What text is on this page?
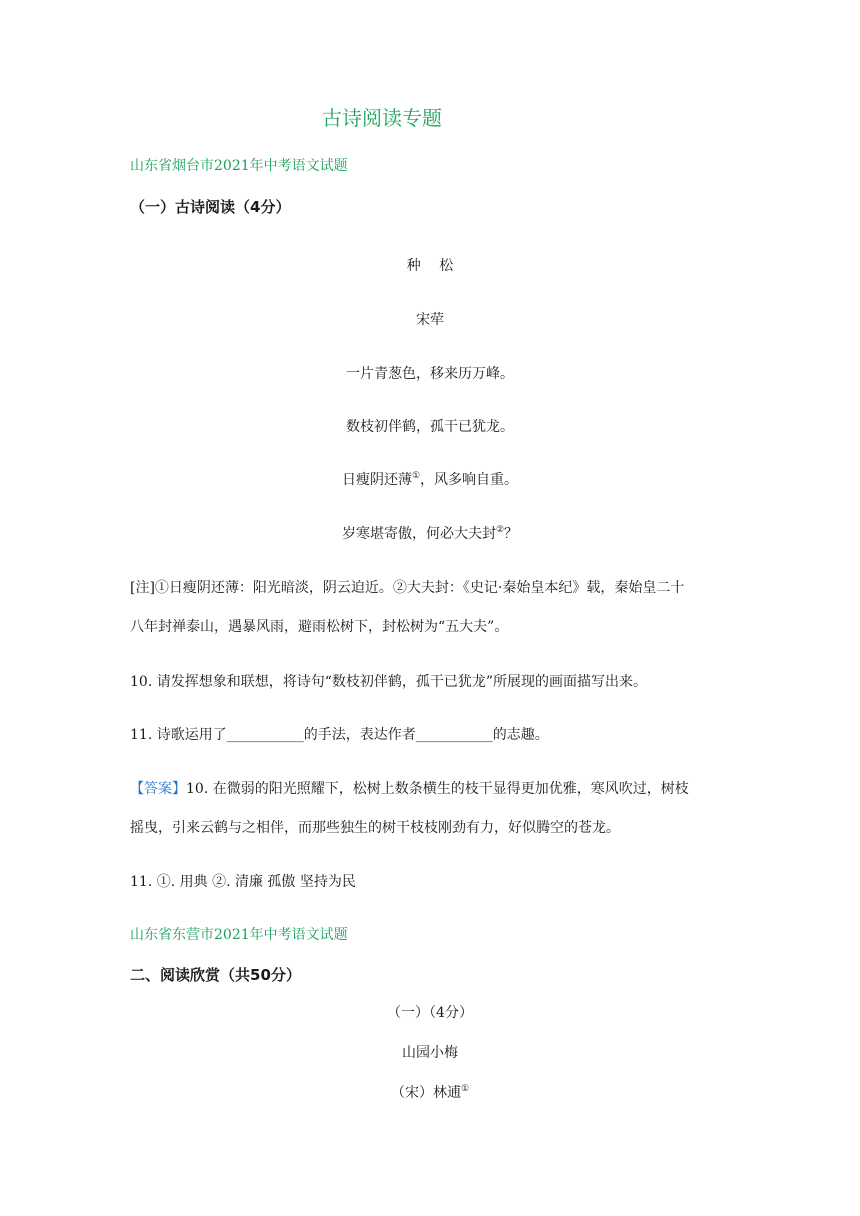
古诗阅读专题
山东省烟台市2021年中考语文试题
（一）古诗阅读（4分）
种　 松
宋荦
一片青葱色，移来历万峰。
数枝初伴鹤，孤干已犹龙。
日瘦阴还薄①，风多响自重。
岁寒堪寄傲，何必大夫封②？
[注]①日瘦阴还薄：阳光暗淡，阴云迫近。②大夫封：《史记·秦始皇本纪》载，秦始皇二十
八年封禅泰山，遇暴风雨，避雨松树下，封松树为“五大夫”。
10. 请发挥想象和联想，将诗句“数枝初伴鹤，孤干已犹龙”所展现的画面描写出来。
11. 诗歌运用了___________的手法，表达作者___________的志趣。
【答案】10. 在微弱的阳光照耀下，松树上数条横生的枝干显得更加优雅，寒风吹过，树枝
摇曳，引来云鹤与之相伴，而那些独生的树干枝枝刚劲有力，好似腾空的苍龙。
11. ①. 用典 ②. 清廉 孤傲 坚持为民
山东省东营市2021年中考语文试题
二、阅读欣赏（共50分）
（一）（4分）
山园小梅
（宋）林逋①
